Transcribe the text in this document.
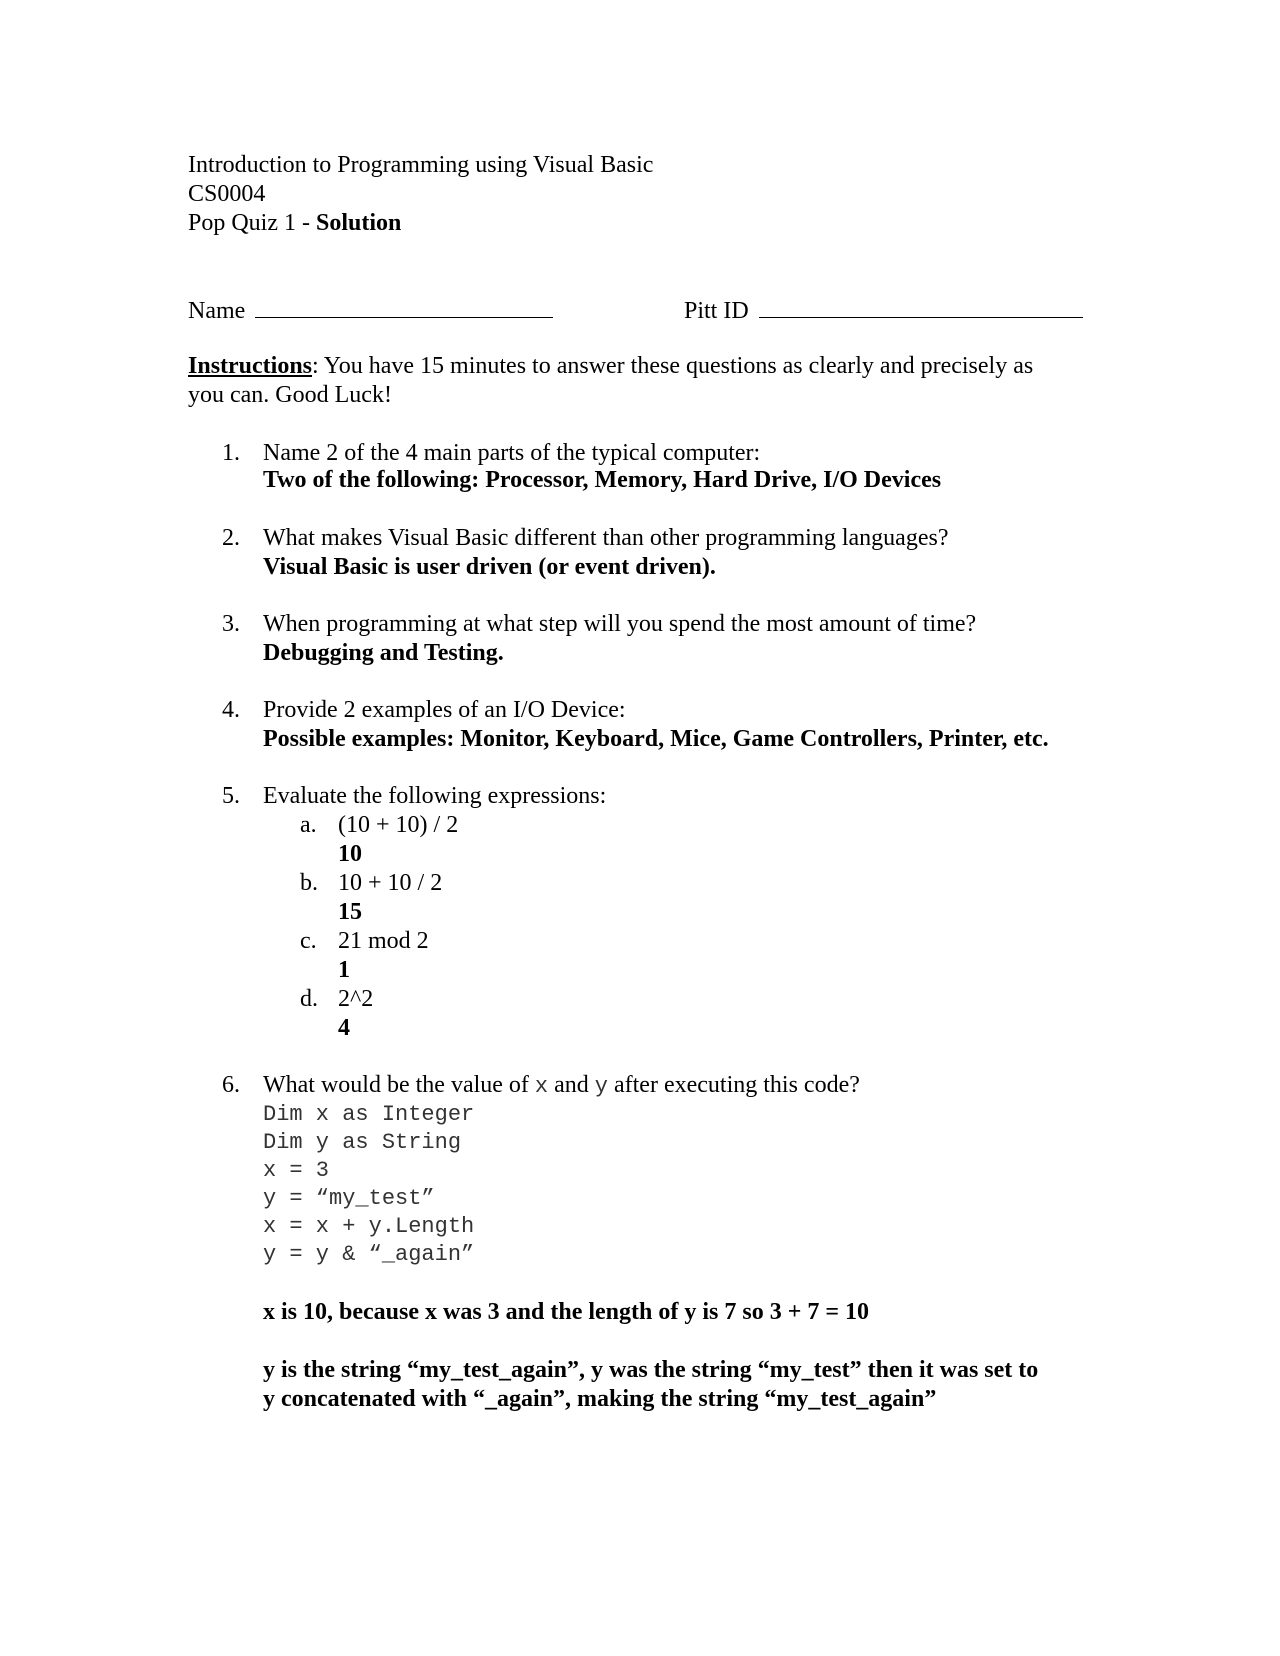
Introduction to Programming using Visual Basic
CS0004
Pop Quiz 1 - Solution
Name	Pitt ID
Instructions: You have 15 minutes to answer these questions as clearly and precisely as
you can. Good Luck!
1. Name 2 of the 4 main parts of the typical computer:
Two of the following: Processor, Memory, Hard Drive, I/O Devices
2. What makes Visual Basic different than other programming languages?
Visual Basic is user driven (or event driven).
3. When programming at what step will you spend the most amount of time?
Debugging and Testing.
4. Provide 2 examples of an I/O Device:
Possible examples: Monitor, Keyboard, Mice, Game Controllers, Printer, etc.
5. Evaluate the following expressions:
a. (10 + 10) / 2
10
b. 10 + 10 / 2
15
c. 21 mod 2
1
d. 2^2
4
6. What would be the value of x and y after executing this code?
Dim x as Integer
Dim y as String
x = 3
y = “my_test”
x = x + y.Length
y = y & “_again”
x is 10, because x was 3 and the length of y is 7 so 3 + 7 = 10
y is the string “my_test_again”, y was the string “my_test” then it was set to
y concatenated with “_again”, making the string “my_test_again”
